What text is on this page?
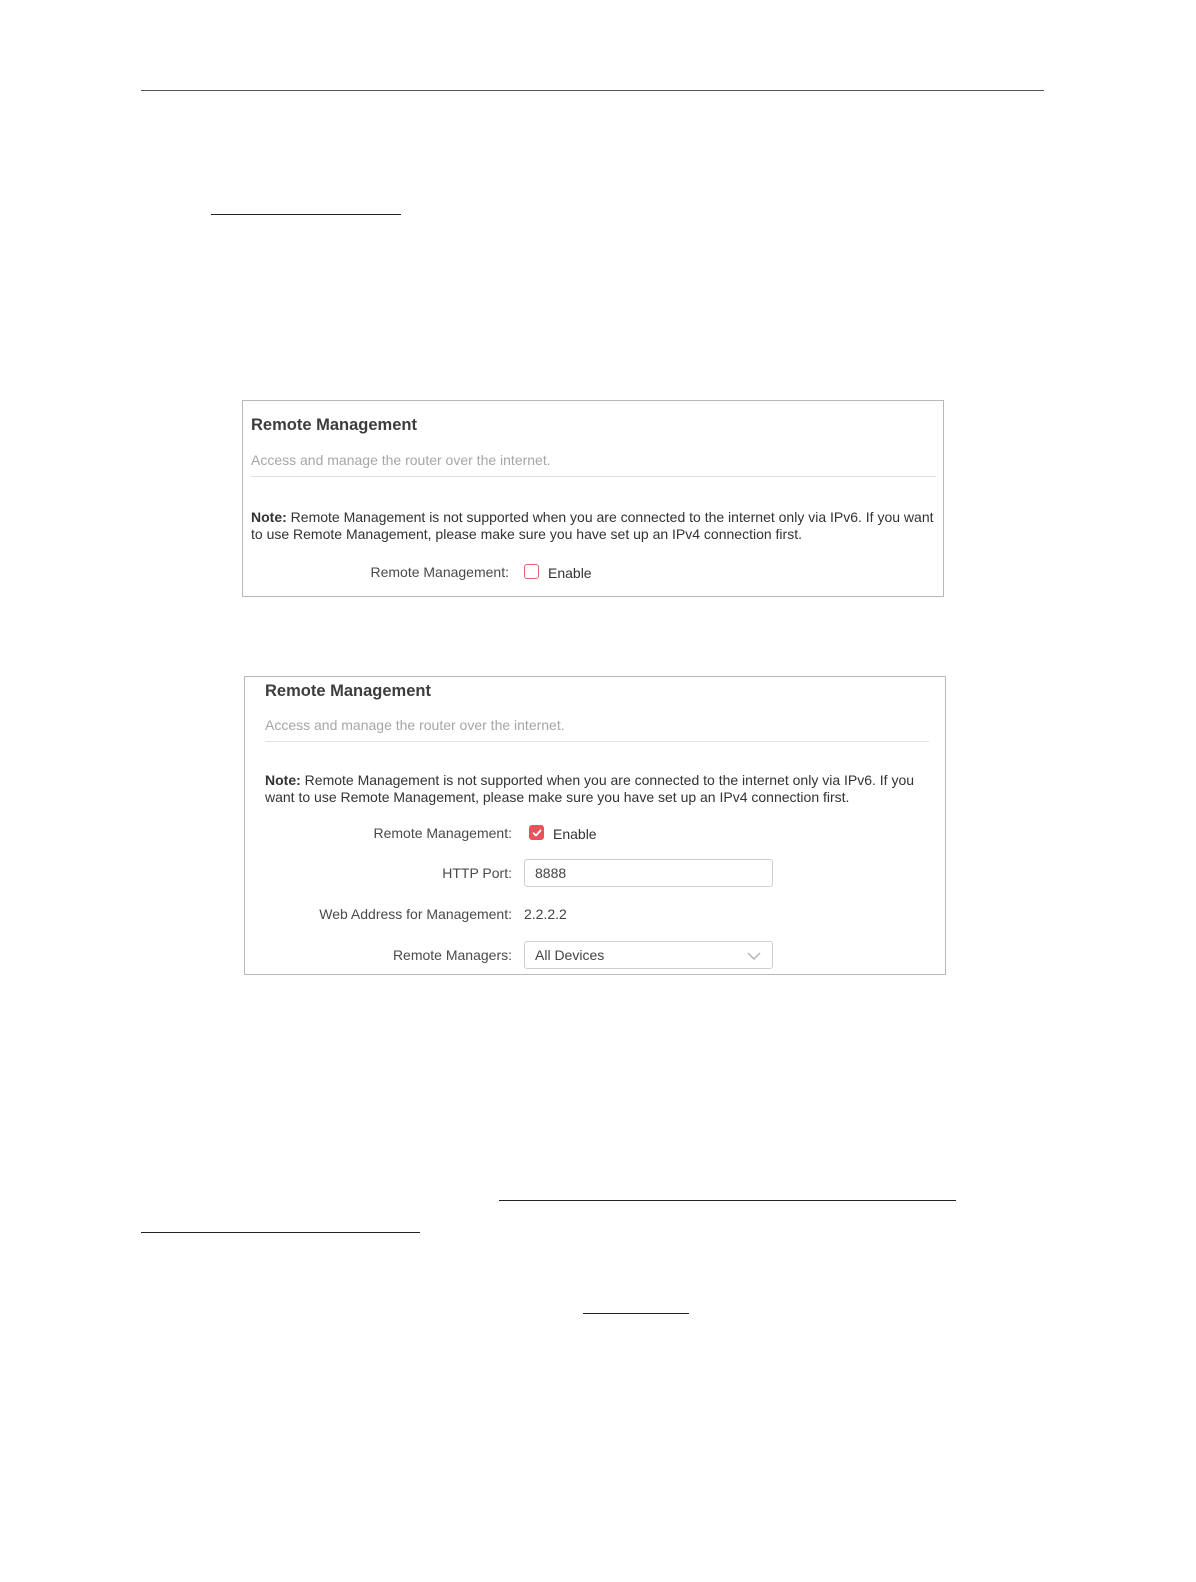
Remote Management
Access and manage the router over the internet.
Note: Remote Management is not supported when you are connected to the internet only via IPv6. If you want to use Remote Management, please make sure you have set up an IPv4 connection first.
Remote Management:	Enable
Remote Management
Access and manage the router over the internet.
Note: Remote Management is not supported when you are connected to the internet only via IPv6. If you want to use Remote Management, please make sure you have set up an IPv4 connection first.
Remote Management:	Enable
HTTP Port:
8888
Web Address for Management: 2.2.2.2
Remote Managers:	All Devices
